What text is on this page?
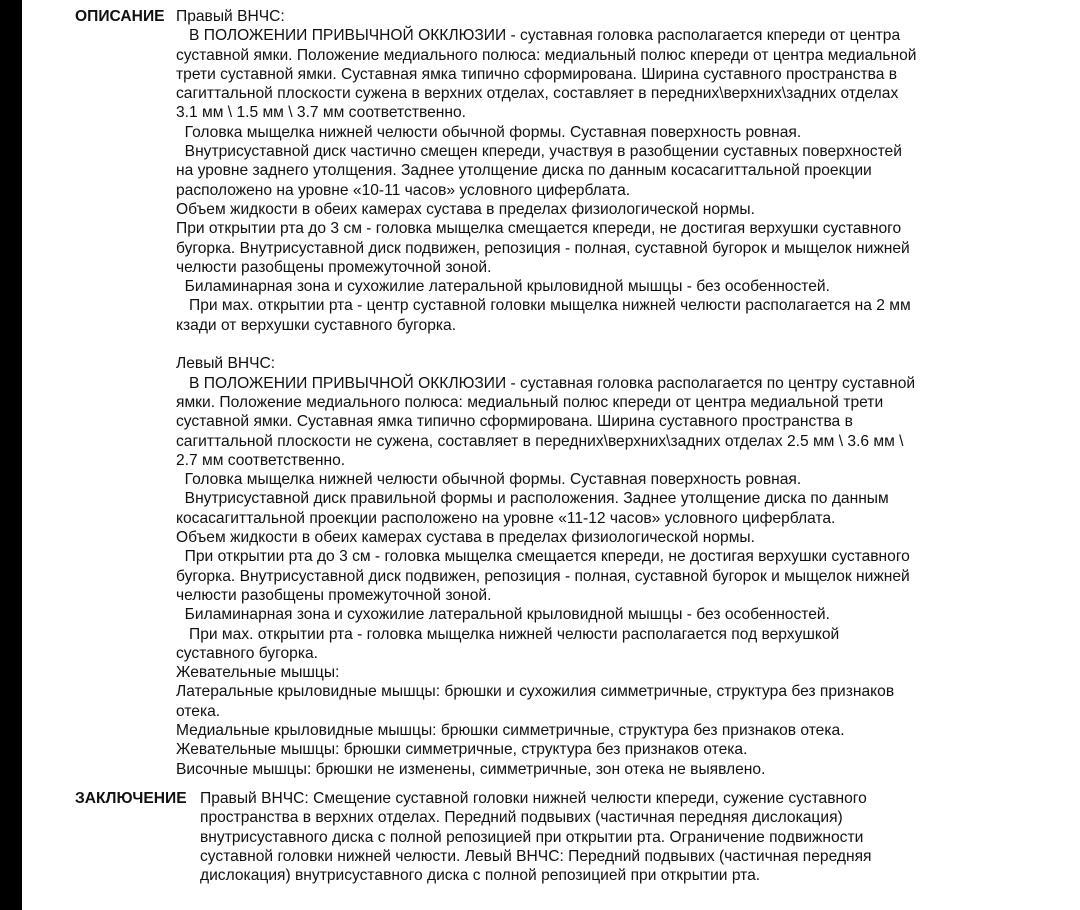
ОПИСАНИЕ Правый ВНЧС:
В ПОЛОЖЕНИИ ПРИВЫЧНОЙ ОККЛЮЗИИ - суставная головка располагается кпереди от центра
суставной ямки. Положение медиального полюса: медиальный полюс кпереди от центра медиальной
трети суставной ямки. Суставная ямка типично сформирована. Ширина суставного пространства в
сагиттальной плоскости сужена в верхних отделах, составляет в передних\верхних\задних отделах
3.1 мм \ 1.5 мм \ 3.7 мм соответственно.
Головка мыщелка нижней челюсти обычной формы. Суставная поверхность ровная.
Внутрисуставной диск частично смещен кпереди, участвуя в разобщении суставных поверхностей
на уровне заднего утолщения. Заднее утолщение диска по данным косасагиттальной проекции
расположено на уровне «10-11 часов» условного циферблата.
Объем жидкости в обеих камерах сустава в пределах физиологической нормы.
При открытии рта до 3 см - головка мыщелка смещается кпереди, не достигая верхушки суставного
бугорка. Внутрисуставной диск подвижен, репозиция - полная, суставной бугорок и мыщелок нижней
челюсти разобщены промежуточной зоной.
Биламинарная зона и сухожилие латеральной крыловидной мышцы - без особенностей.
При мах. открытии рта - центр суставной головки мыщелка нижней челюсти располагается на 2 мм
кзади от верхушки суставного бугорка.
Левый ВНЧС:
В ПОЛОЖЕНИИ ПРИВЫЧНОЙ ОККЛЮЗИИ - суставная головка располагается по центру суставной
ямки. Положение медиального полюса: медиальный полюс кпереди от центра медиальной трети
суставной ямки. Суставная ямка типично сформирована. Ширина суставного пространства в
сагиттальной плоскости не сужена, составляет в передних\верхних\задних отделах 2.5 мм \ 3.6 мм \
2.7 мм соответственно.
Головка мыщелка нижней челюсти обычной формы. Суставная поверхность ровная.
Внутрисуставной диск правильной формы и расположения. Заднее утолщение диска по данным
косасагиттальной проекции расположено на уровне «11-12 часов» условного циферблата.
Объем жидкости в обеих камерах сустава в пределах физиологической нормы.
При открытии рта до 3 см - головка мыщелка смещается кпереди, не достигая верхушки суставного
бугорка. Внутрисуставной диск подвижен, репозиция - полная, суставной бугорок и мыщелок нижней
челюсти разобщены промежуточной зоной.
Биламинарная зона и сухожилие латеральной крыловидной мышцы - без особенностей.
При мах. открытии рта - головка мыщелка нижней челюсти располагается под верхушкой
суставного бугорка.
Жевательные мышцы:
Латеральные крыловидные мышцы: брюшки и сухожилия симметричные, структура без признаков
отека.
Медиальные крыловидные мышцы: брюшки симметричные, структура без признаков отека.
Жевательные мышцы: брюшки симметричные, структура без признаков отека.
Височные мышцы: брюшки не изменены, симметричные, зон отека не выявлено.
ЗАКЛЮЧЕНИЕ Правый ВНЧС: Смещение суставной головки нижней челюсти кпереди, сужение суставного
пространства в верхних отделах. Передний подвывих (частичная передняя дислокация)
внутрисуставного диска с полной репозицией при открытии рта. Ограничение подвижности
суставной головки нижней челюсти. Левый ВНЧС: Передний подвывих (частичная передняя
дислокация) внутрисуставного диска с полной репозицией при открытии рта.
